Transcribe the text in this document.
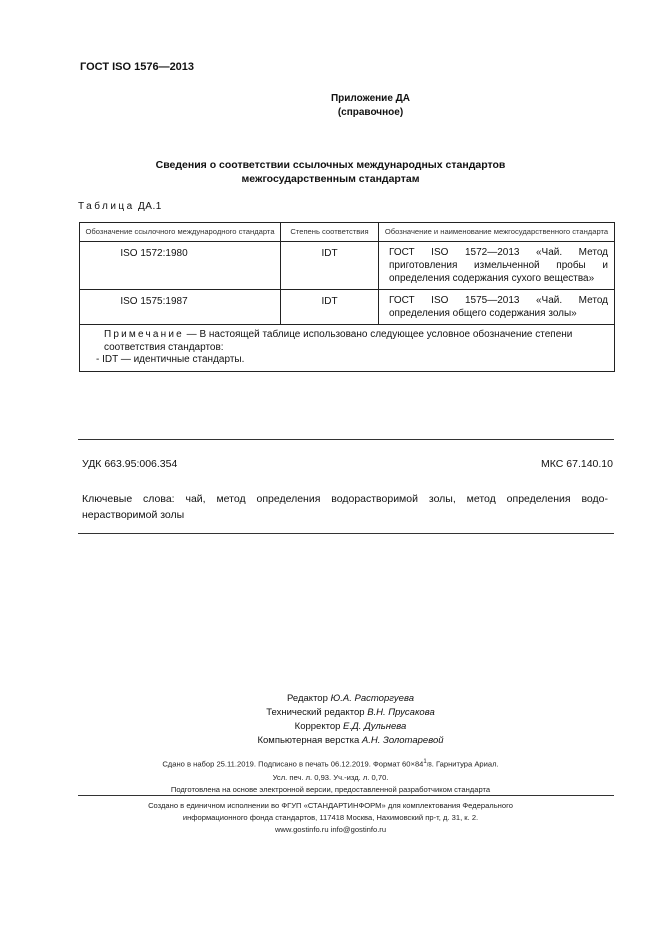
ГОСТ ISO 1576—2013
Приложение ДА
(справочное)
Сведения о соответствии ссылочных международных стандартов
межгосударственным стандартам
Таблица ДА.1
Обозначение ссылочного международного стандарта	Степень соответствия	Обозначение и наименование межгосударственного стандарта
ISO 1572:1980	IDT	ГОСТ ISO 1572—2013 «Чай. Метод приготовления измельченной пробы и определения содержания сухого вещества»
ISO 1575:1987	IDT	ГОСТ ISO 1575—2013 «Чай. Метод определения общего содержания золы»

Примечание — В настоящей таблице использовано следующее условное обозначение степени соответствия стандартов:
- IDT — идентичные стандарты.		
УДК 663.95:006.354	МКС 67.140.10
Ключевые слова: чай, метод определения водорастворимой золы, метод определения водо-
нерастворимой золы
Редактор Ю.А. Расторгуева
Технический редактор В.Н. Прусакова
Корректор Е.Д. Дульнева
Компьютерная верстка А.Н. Золотаревой
Сдано в набор 25.11.2019. Подписано в печать 06.12.2019. Формат $60\times 84^1/8$. Гарнитура Ариал.
Усл. печ. л. 0,93. Уч.-изд. л. 0,70.
Подготовлена на основе электронной версии, предоставленной разработчиком стандарта
Создано в единичном исполнении во ФГУП «СТАНДАРТИНФОРМ» для комплектования Федерального
информационного фонда стандартов, 117418 Москва, Нахимовский пр-т, д. 31, к. 2.
www.gostinfo.ru info@gostinfo.ru
